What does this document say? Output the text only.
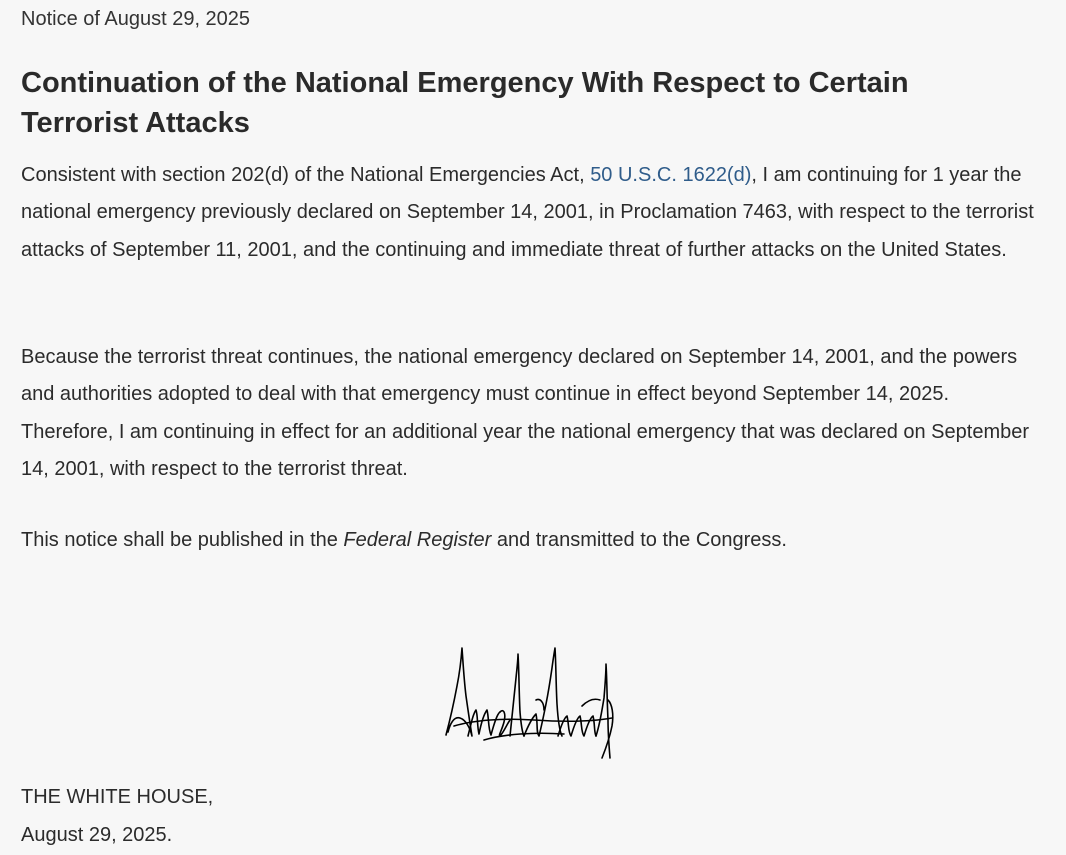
Notice of August 29, 2025
Continuation of the National Emergency With Respect to Certain Terrorist Attacks

Consistent with section 202(d) of the National Emergencies Act, 50 U.S.C. 1622(d), I am continuing for 1 year the national emergency previously declared on September 14, 2001, in Proclamation 7463, with respect to the terrorist attacks of September 11, 2001, and the continuing and immediate threat of further attacks on the United States.

Because the terrorist threat continues, the national emergency declared on September 14, 2001, and the powers and authorities adopted to deal with that emergency must continue in effect beyond September 14, 2025. Therefore, I am continuing in effect for an additional year the national emergency that was declared on September 14, 2001, with respect to the terrorist threat.

This notice shall be published in the Federal Register and transmitted to the Congress.

THE WHITE HOUSE,
August 29, 2025.
